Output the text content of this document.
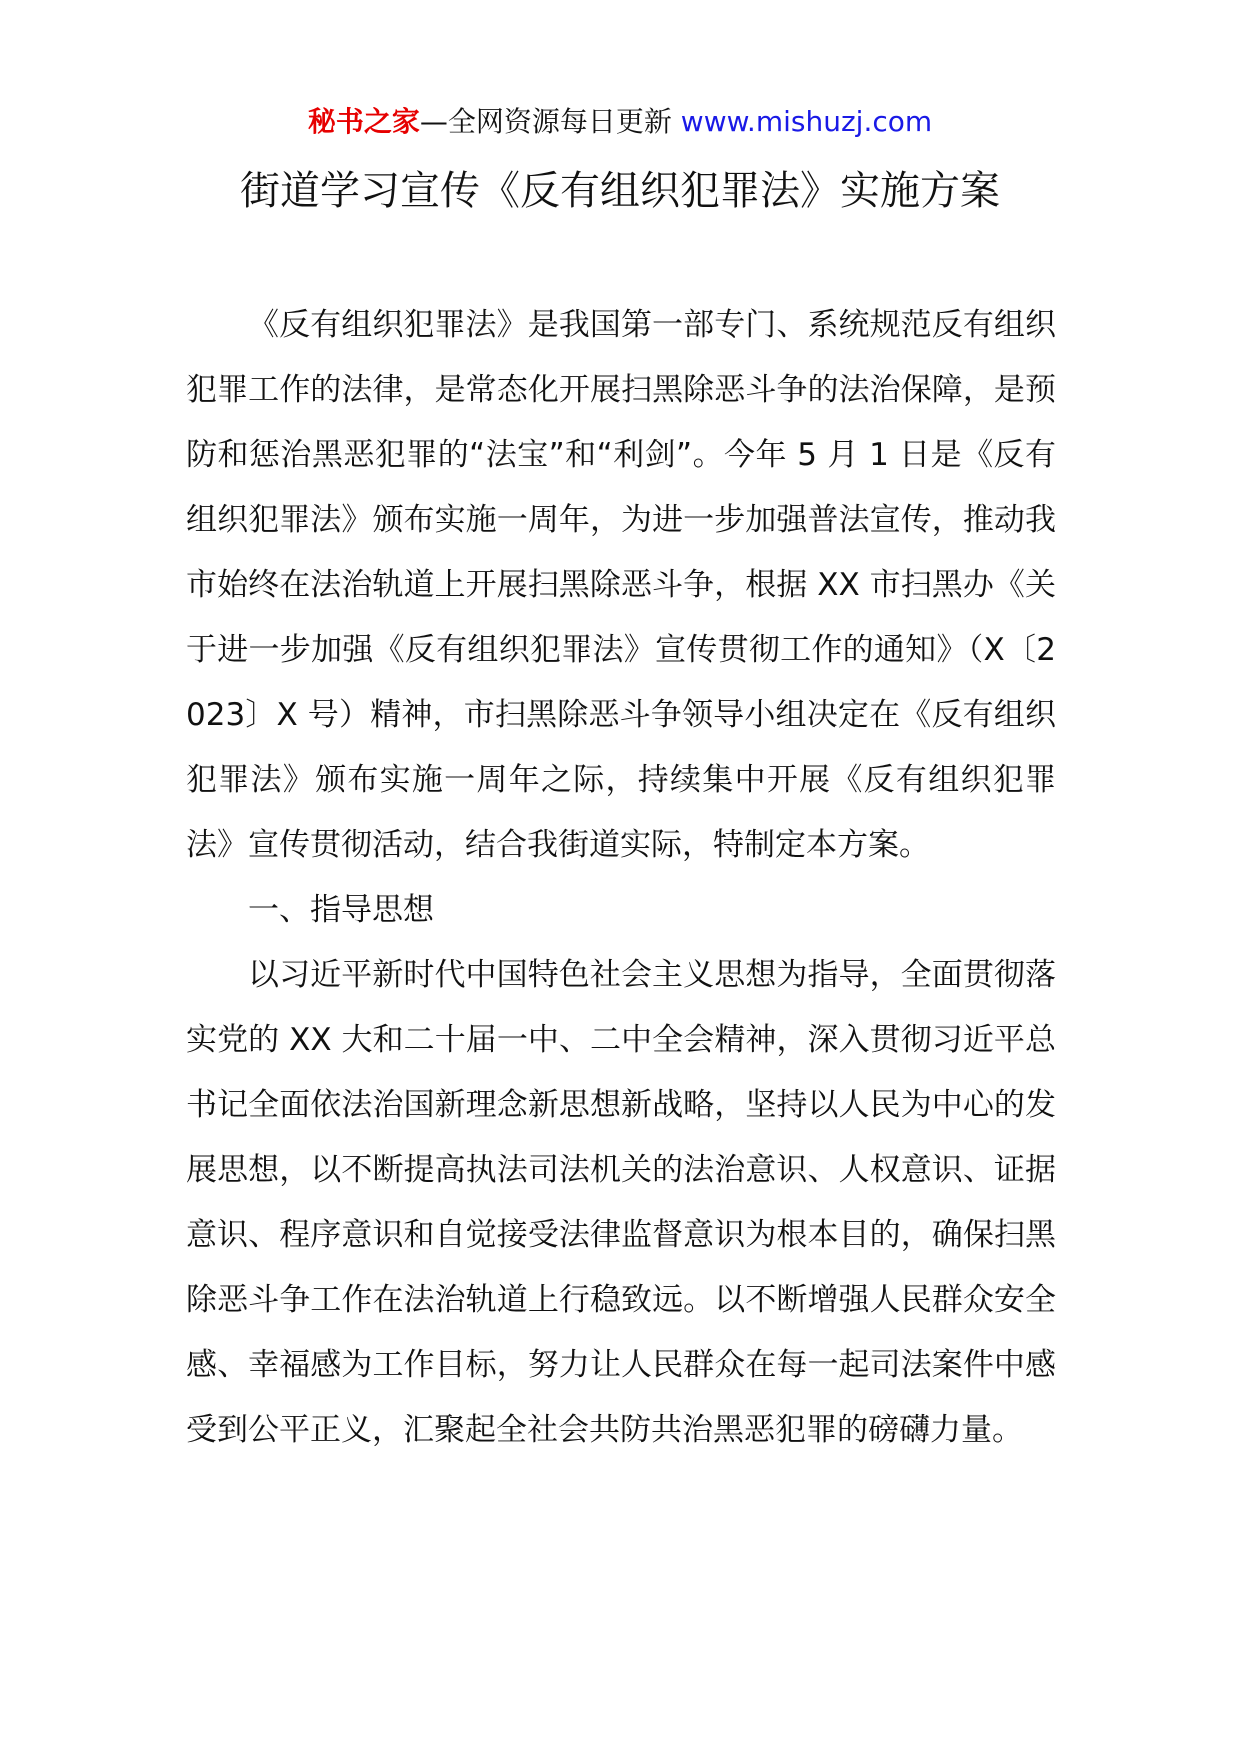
秘书之家—全网资源每日更新 www.mishuzj.com
街道学习宣传《反有组织犯罪法》实施方案

《反有组织犯罪法》是我国第一部专门、系统规范反有组织犯罪工作的法律，是常态化开展扫黑除恶斗争的法治保障，是预防和惩治黑恶犯罪的“法宝”和“利剑”。今年 5 月 1 日是《反有组织犯罪法》颁布实施一周年，为进一步加强普法宣传，推动我市始终在法治轨道上开展扫黑除恶斗争，根据 XX 市扫黑办《关于进一步加强《反有组织犯罪法》宣传贯彻工作的通知》（X〔2023〕X 号）精神，市扫黑除恶斗争领导小组决定在《反有组织犯罪法》颁布实施一周年之际，持续集中开展《反有组织犯罪法》宣传贯彻活动，结合我街道实际，特制定本方案。

一、指导思想

以习近平新时代中国特色社会主义思想为指导，全面贯彻落实党的 XX 大和二十届一中、二中全会精神，深入贯彻习近平总书记全面依法治国新理念新思想新战略，坚持以人民为中心的发展思想，以不断提高执法司法机关的法治意识、人权意识、证据意识、程序意识和自觉接受法律监督意识为根本目的，确保扫黑除恶斗争工作在法治轨道上行稳致远。以不断增强人民群众安全感、幸福感为工作目标，努力让人民群众在每一起司法案件中感受到公平正义，汇聚起全社会共防共治黑恶犯罪的磅礴力量。
